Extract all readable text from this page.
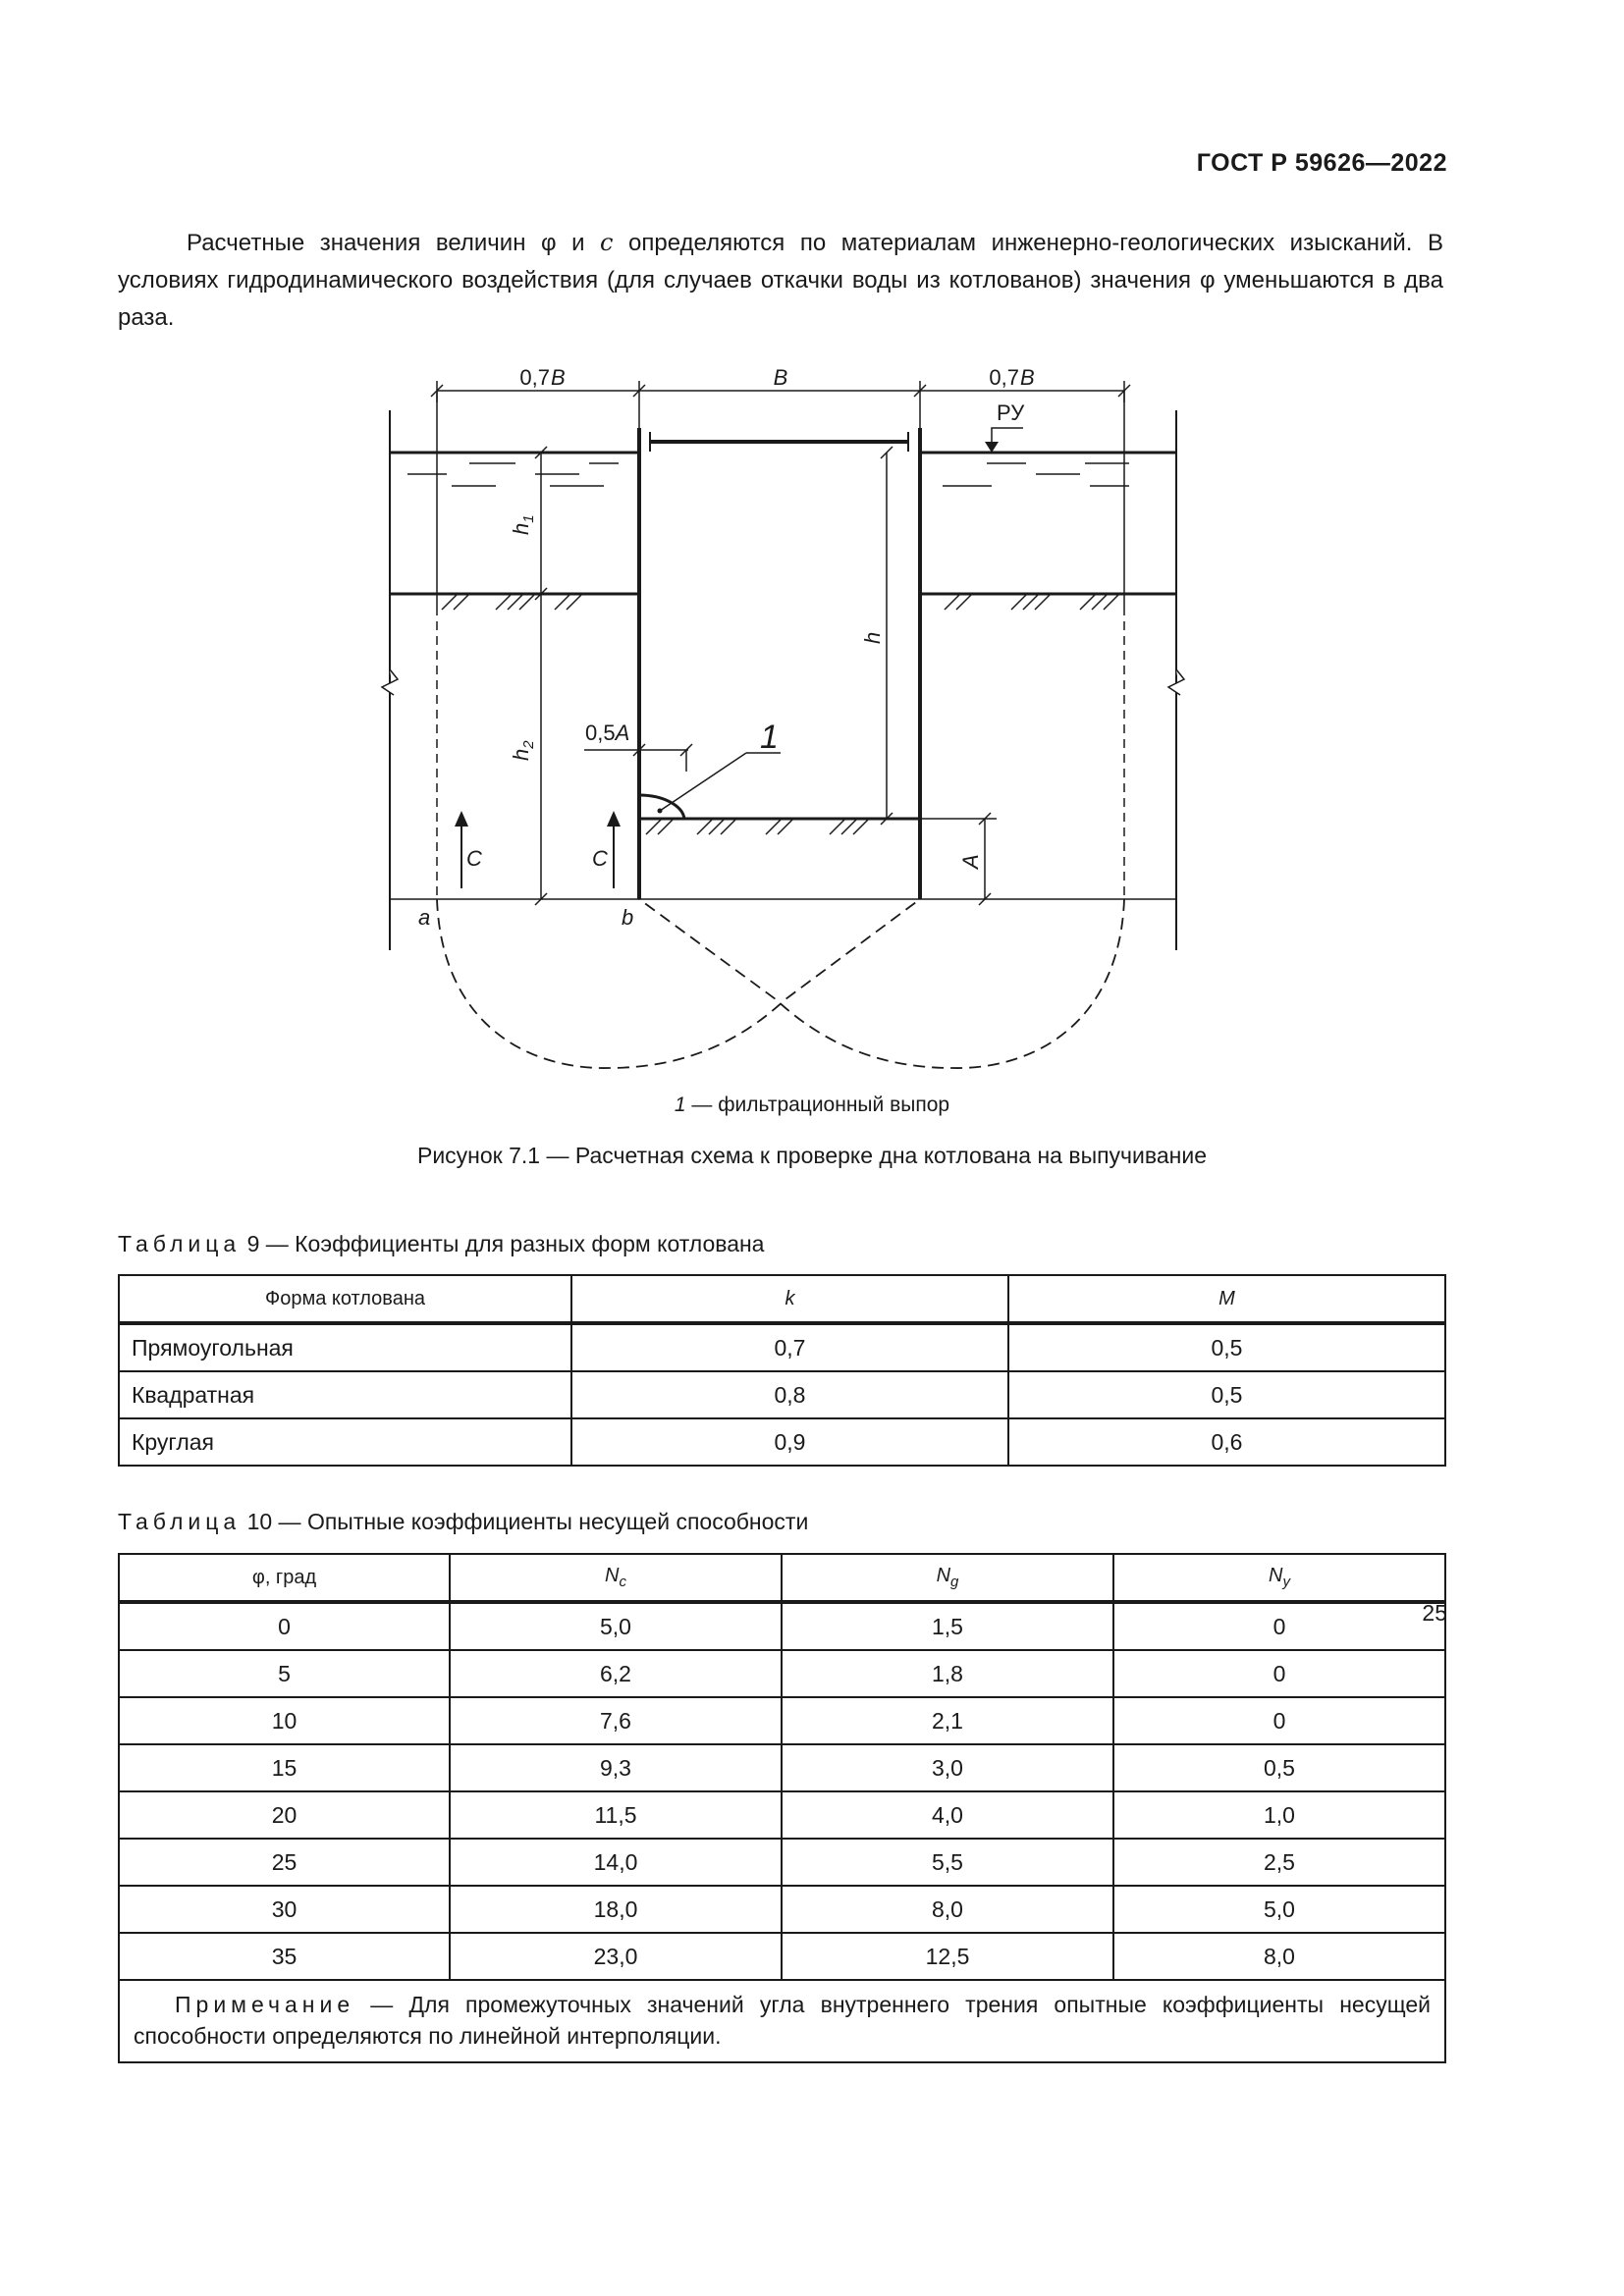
ГОСТ Р 59626—2022

Расчетные значения величин φ и c определяются по материалам инженерно-геологических изысканий. В условиях гидродинамического воздействия (для случаев откачки воды из котлованов) значения φ уменьшаются в два раза.

0,7 B	B	0,7 B
РУ
$h_1$
$h_2$
h
A
0,5A	1
C	C
a	b
1 — фильтрационный выпор
Рисунок 7.1 — Расчетная схема к проверке дна котлована на выпучивание
Таблица 9 — Коэффициенты для разных форм котлована
Форма котлована	k	M
Прямоугольная	0,7	0,5
Квадратная	0,8	0,5
Круглая	0,9	0,6
Таблица 10 — Опытные коэффициенты несущей способности
φ, град	$N_c$	$N_g$	$N_y$
0	5,0	1,5	0
5	6,2	1,8	0
10	7,6	2,1	0
15	9,3	3,0	0,5
20	11,5	4,0	1,0
25	14,0	5,5	2,5
30	18,0	8,0	5,0
35	23,0	12,5	8,0
Примечание — Для промежуточных значений угла внутреннего трения опытные коэффициенты несущей способности определяются по линейной интерполяции.			
25
